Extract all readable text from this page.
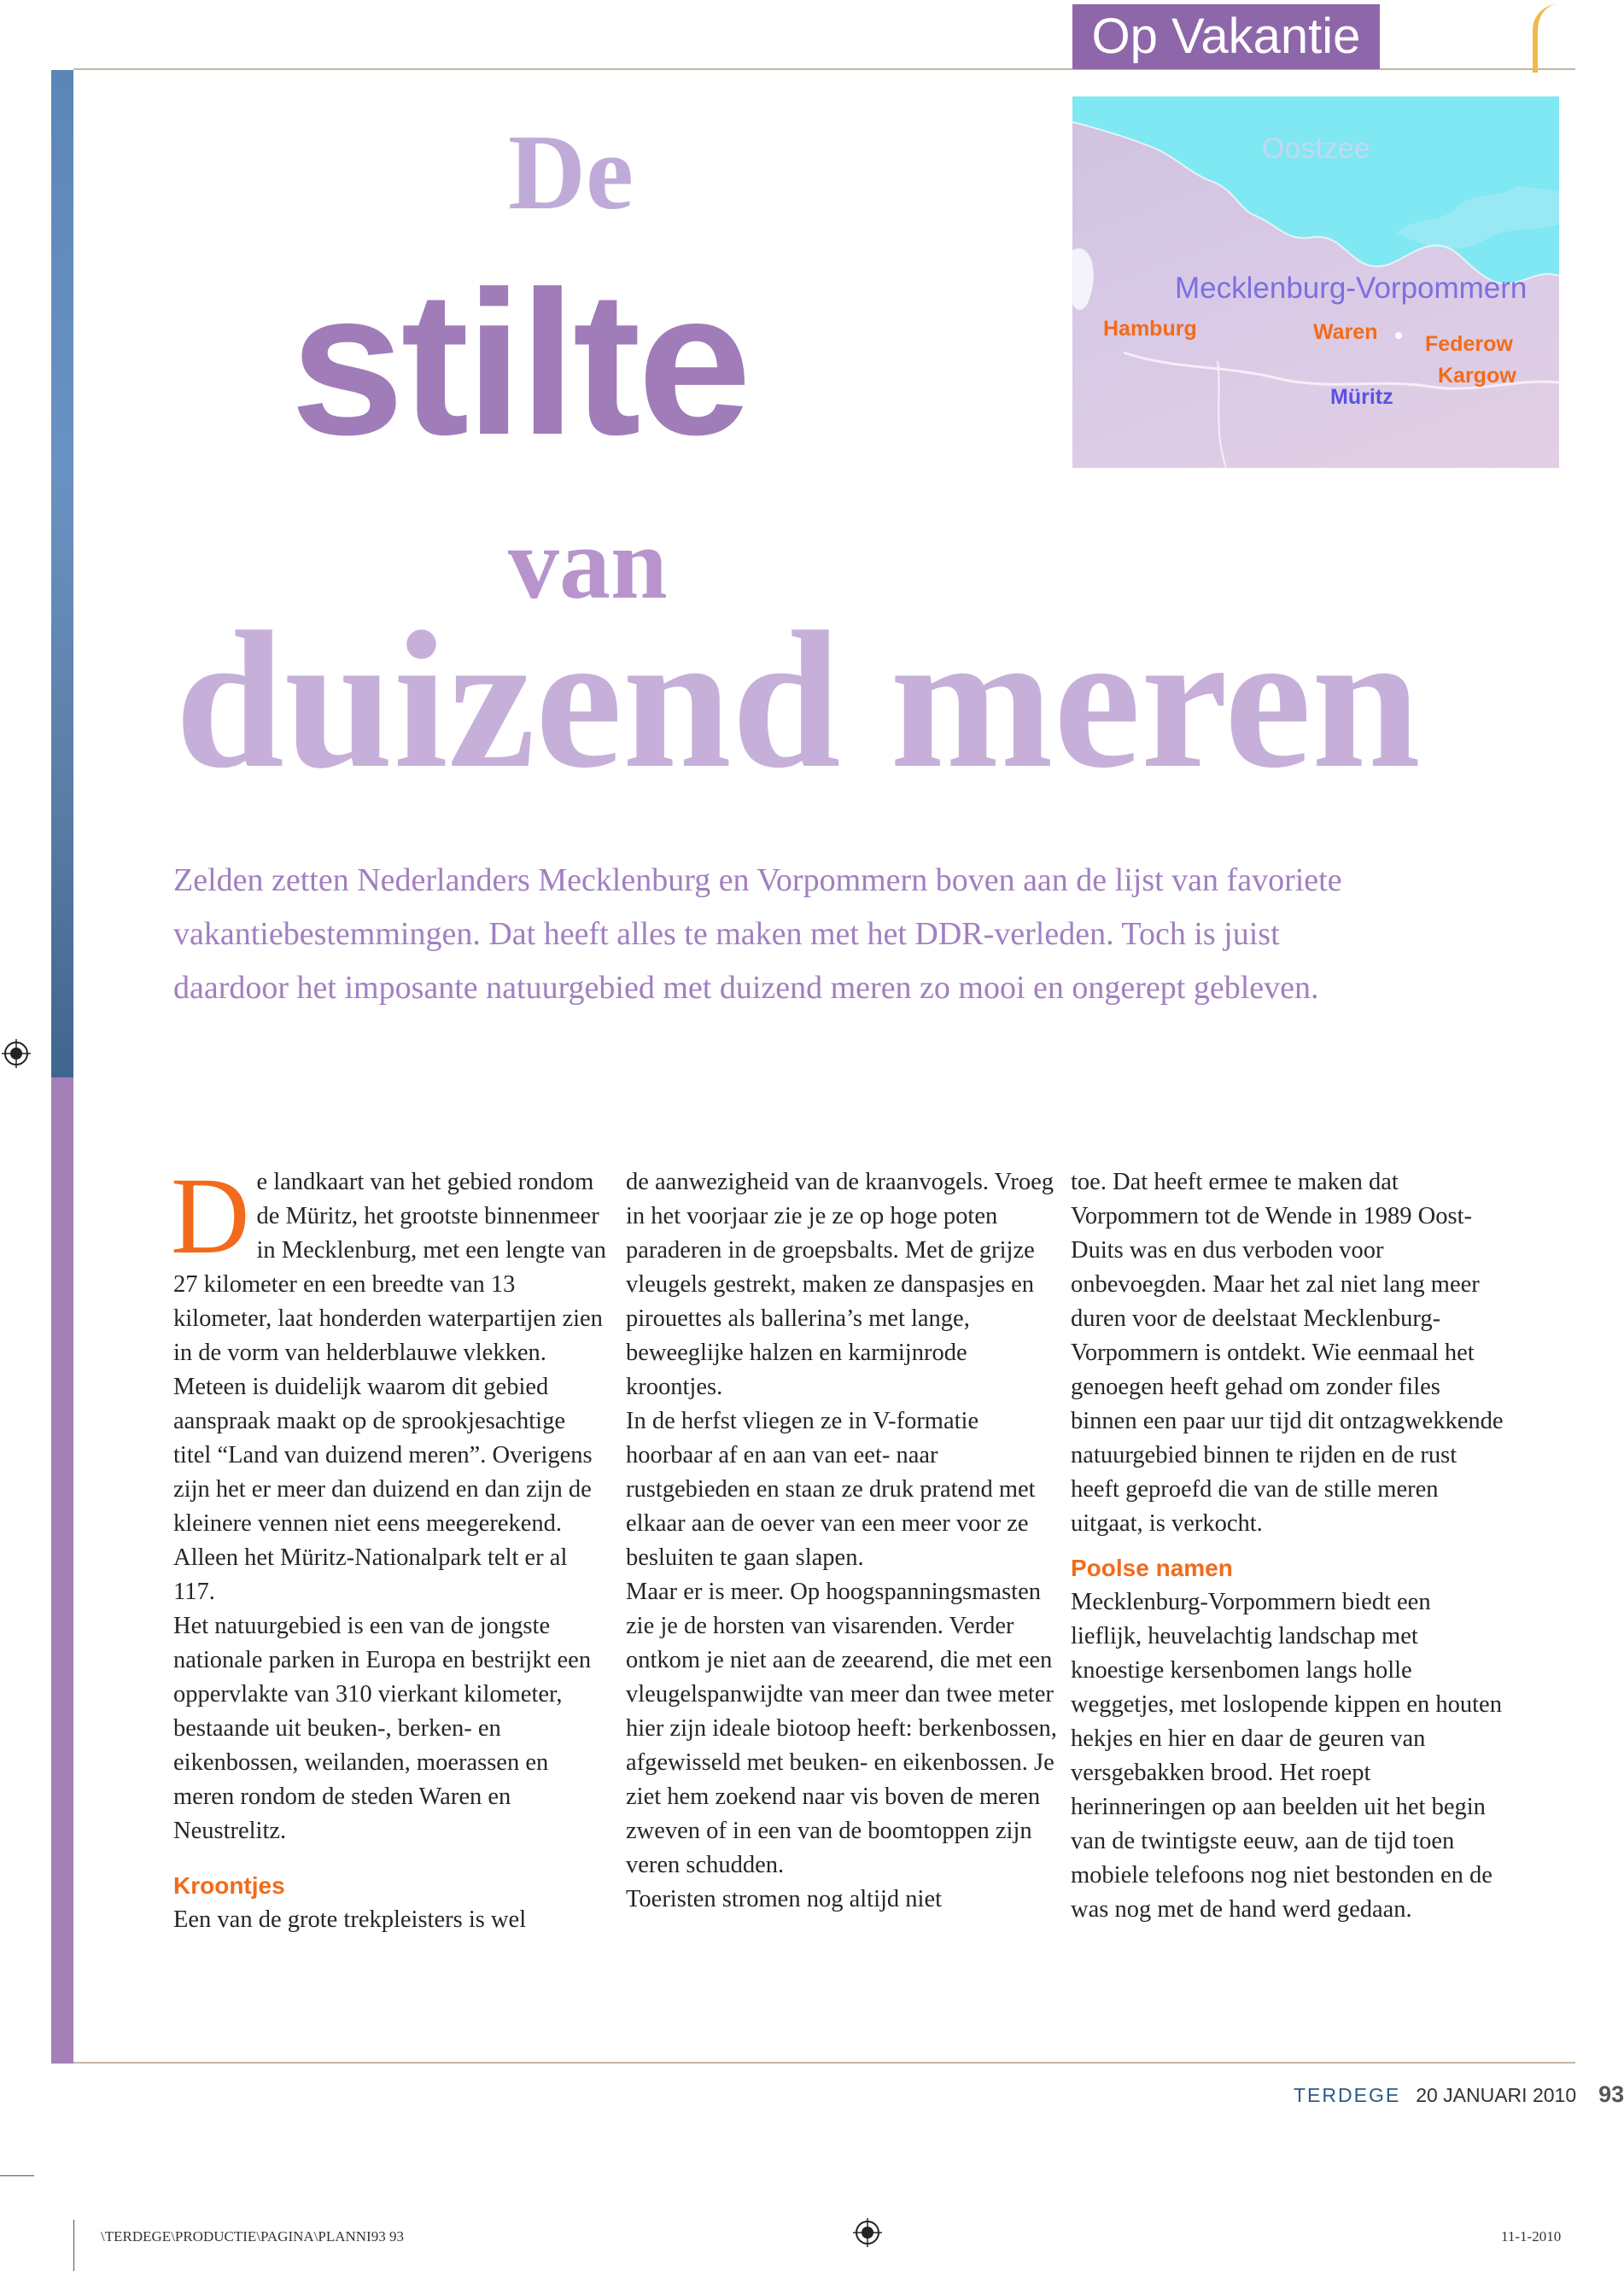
Op Vakantie
Oostzee
Mecklenburg-Vorpommern
Hamburg	Waren Federow
Kargow
Müritz
De
stilte
van
duizend meren
Zelden zetten Nederlanders Mecklenburg en Vorpommern boven aan de lijst van favoriete vakantiebestemmingen. Dat heeft alles te maken met het DDR-verleden. Toch is juist daardoor het imposante natuurgebied met duizend meren zo mooi en ongerept gebleven.
D e landkaart van het gebied rondom de Müritz, het grootste binnenmeer in Mecklenburg, met een lengte van 27 kilometer en een breedte van 13 kilometer, laat honderden waterpartijen zien in de vorm van helderblauwe vlekken. Meteen is duidelijk waarom dit gebied aanspraak maakt op de sprookjesachtige titel “Land van duizend meren”. Overigens zijn het er meer dan duizend en dan zijn de kleinere vennen niet eens meegerekend. Alleen het Müritz-Nationalpark telt er al 117.

Het natuurgebied is een van de jongste nationale parken in Europa en bestrijkt een oppervlakte van 310 vierkant kilometer, bestaande uit beuken-, berken- en eikenbossen, weilanden, moerassen en meren rondom de steden Waren en Neustrelitz.

Kroontjes

Een van de grote trekpleisters is wel

de aanwezigheid van de kraanvogels. Vroeg in het voorjaar zie je ze op hoge poten paraderen in de groepsbalts. Met de grijze vleugels gestrekt, maken ze danspasjes en pirouettes als ballerina’s met lange, beweeglijke halzen en karmijnrode kroontjes.

In de herfst vliegen ze in V-formatie hoorbaar af en aan van eet- naar rustgebieden en staan ze druk pratend met elkaar aan de oever van een meer voor ze besluiten te gaan slapen.

Maar er is meer. Op hoogspanningsmasten zie je de horsten van visarenden. Verder ontkom je niet aan de zeearend, die met een vleugelspanwijdte van meer dan twee meter hier zijn ideale biotoop heeft: berkenbossen, afgewisseld met beuken- en eikenbossen. Je ziet hem zoekend naar vis boven de meren zweven of in een van de boomtoppen zijn veren schudden.

Toeristen stromen nog altijd niet

toe. Dat heeft ermee te maken dat Vorpommern tot de Wende in 1989 Oost-Duits was en dus verboden voor onbevoegden. Maar het zal niet lang meer duren voor de deelstaat Mecklenburg-Vorpommern is ontdekt. Wie eenmaal het genoegen heeft gehad om zonder files binnen een paar uur tijd dit ontzagwekkende natuurgebied binnen te rijden en de rust heeft geproefd die van de stille meren uitgaat, is verkocht.

Poolse namen

Mecklenburg-Vorpommern biedt een lieflijk, heuvelachtig landschap met knoestige kersenbomen langs holle weggetjes, met loslopende kippen en houten hekjes en hier en daar de geuren van versgebakken brood. Het roept herinneringen op aan beelden uit het begin van de twintigste eeuw, aan de tijd toen mobiele telefoons nog niet bestonden en de was nog met de hand werd gedaan.

TERDEGE 20 JANUARI 2010 93
\TERDEGE\PRODUCTIE\PAGINA\PLANNI93 93	11-1-2010
